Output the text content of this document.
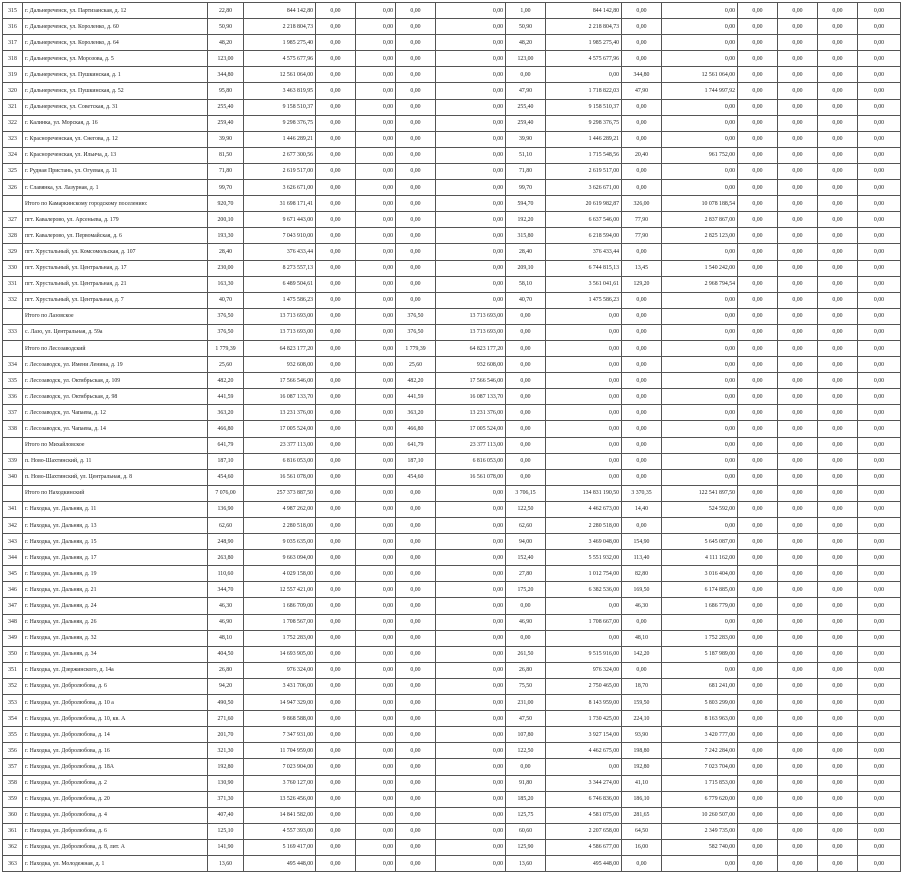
315	г. Дальнереченск, ул. Партизанская, д. 12	22,80	844 142,80	0,00	0,00	0,00	0,00	1,00	844 142,80	0,00	0,00	0,00	0,00	0,00	0,00
316	г. Дальнереченск, ул. Короленко, д. 60	50,90	2 218 804,73	0,00	0,00	0,00	0,00	50,90	2 218 804,73	0,00	0,00	0,00	0,00	0,00	0,00
317	г. Дальнереченск, ул. Короленко, д. 64	48,20	1 985 275,40	0,00	0,00	0,00	0,00	48,20	1 985 275,40	0,00	0,00	0,00	0,00	0,00	0,00
318	г. Дальнереченск, ул. Морозова, д. 5	123,00	4 575 677,96	0,00	0,00	0,00	0,00	123,00	4 575 677,96	0,00	0,00	0,00	0,00	0,00	0,00
319	г. Дальнереченск, ул. Пушкинская, д. 1	344,80	12 561 064,00	0,00	0,00	0,00	0,00	0,00	0,00	344,80	12 561 064,00	0,00	0,00	0,00	0,00
320	г. Дальнереченск, ул. Пушкинская, д. 52	95,80	3 463 819,95	0,00	0,00	0,00	0,00	47,90	1 718 822,03	47,90	1 744 997,92	0,00	0,00	0,00	0,00
321	г. Дальнереченск, ул. Советская, д. 31	255,40	9 158 510,37	0,00	0,00	0,00	0,00	255,40	9 158 510,37	0,00	0,00	0,00	0,00	0,00	0,00
322	г. Калинка, ул. Морская, д. 16	259,40	9 298 376,75	0,00	0,00	0,00	0,00	259,40	9 298 376,75	0,00	0,00	0,00	0,00	0,00	0,00
323	г. Краснореченская, ул. Снегова, д. 12	39,90	1 446 289,21	0,00	0,00	0,00	0,00	39,90	1 446 289,21	0,00	0,00	0,00	0,00	0,00	0,00
324	г. Краснореченская, ул. Ильича, д. 13	81,50	2 677 300,56	0,00	0,00	0,00	0,00	51,10	1 715 548,56	20,40	961 752,00	0,00	0,00	0,00	0,00
325	г. Рудная Пристань, ул. Огуевая, д. 11	71,80	2 619 517,00	0,00	0,00	0,00	0,00	71,80	2 619 517,00	0,00	0,00	0,00	0,00	0,00	0,00
326	г. Славянка, ул. Лазурная, д. 1	99,70	3 626 671,00	0,00	0,00	0,00	0,00	99,70	3 626 671,00	0,00	0,00	0,00	0,00	0,00	0,00
	Итого по Камаркинскому городскому поселению:	920,70	31 698 171,41	0,00	0,00	0,00	0,00	594,70	20 619 982,87	326,00	10 078 188,54	0,00	0,00	0,00	0,00
327	пгт. Кавалерово, ул. Арсеньева, д. 179	200,10	9 671 443,00	0,00	0,00	0,00	0,00	192,20	6 637 546,00	77,90	2 837 867,00	0,00	0,00	0,00	0,00
328	пгт. Кавалерово, ул. Первомайская, д. 6	193,30	7 043 910,00	0,00	0,00	0,00	0,00	315,80	6 218 594,00	77,90	2 825 123,00	0,00	0,00	0,00	0,00
329	пгт. Хрустальный, ул. Комсомольская, д. 107	28,40	376 433,44	0,00	0,00	0,00	0,00	28,40	376 433,44	0,00	0,00	0,00	0,00	0,00	0,00
330	пгт. Хрустальный, ул. Центральная, д. 17	230,00	8 273 557,13	0,00	0,00	0,00	0,00	209,10	6 744 815,13	13,45	1 540 242,00	0,00	0,00	0,00	0,00
331	пгт. Хрустальный, ул. Центральная, д. 21	163,30	6 489 504,61	0,00	0,00	0,00	0,00	58,10	3 561 041,61	129,20	2 968 794,54	0,00	0,00	0,00	0,00
332	пгт. Хрустальный, ул. Центральная, д. 7	40,70	1 475 586,23	0,00	0,00	0,00	0,00	40,70	1 475 586,23	0,00	0,00	0,00	0,00	0,00	0,00
	Итого по Лазовское	376,50	13 713 693,00	0,00	0,00	376,50	13 713 693,00	0,00	0,00	0,00	0,00	0,00	0,00	0,00	0,00
333	с. Лазо, ул. Центральная, д. 59а	376,50	13 713 693,00	0,00	0,00	376,50	13 713 693,00	0,00	0,00	0,00	0,00	0,00	0,00	0,00	0,00
	Итого по Лесозаводский	1 779,39	64 823 177,20	0,00	0,00	1 779,39	64 823 177,20	0,00	0,00	0,00	0,00	0,00	0,00	0,00	0,00
334	г. Лесозаводск, ул. Имени Ленина, д. 19	25,60	932 608,00	0,00	0,00	25,60	932 608,00	0,00	0,00	0,00	0,00	0,00	0,00	0,00	0,00
335	г. Лесозаводск, ул. Октябрьская, д. 109	482,20	17 566 546,00	0,00	0,00	482,20	17 566 546,00	0,00	0,00	0,00	0,00	0,00	0,00	0,00	0,00
336	г. Лесозаводск, ул. Октябрьская, д. 98	441,59	16 087 133,70	0,00	0,00	441,59	16 087 133,70	0,00	0,00	0,00	0,00	0,00	0,00	0,00	0,00
337	г. Лесозаводск, ул. Чапаева, д. 12	363,20	13 231 376,00	0,00	0,00	363,20	13 231 376,00	0,00	0,00	0,00	0,00	0,00	0,00	0,00	0,00
338	г. Лесозаводск, ул. Чапаева, д. 14	466,80	17 005 524,00	0,00	0,00	466,80	17 005 524,00	0,00	0,00	0,00	0,00	0,00	0,00	0,00	0,00
	Итого по Михайловское	641,79	23 377 113,00	0,00	0,00	641,79	23 377 113,00	0,00	0,00	0,00	0,00	0,00	0,00	0,00	0,00
339	п. Ново-Шахтинский, д. 11	187,10	6 816 053,00	0,00	0,00	187,10	6 816 053,00	0,00	0,00	0,00	0,00	0,00	0,00	0,00	0,00
340	п. Ново-Шахтинский, ул. Центральная, д. 8	454,60	16 561 078,00	0,00	0,00	454,60	16 561 078,00	0,00	0,00	0,00	0,00	0,00	0,00	0,00	0,00
	Итого по Находкинский	7 076,00	257 373 887,50	0,00	0,00	0,00	0,00	3 706,15	134 831 190,50	3 370,35	122 541 897,50	0,00	0,00	0,00	0,00
341	г. Находка, ул. Дальняя, д. 11	136,90	4 987 262,00	0,00	0,00	0,00	0,00	122,50	4 462 673,00	14,40	524 592,00	0,00	0,00	0,00	0,00
342	г. Находка, ул. Дальняя, д. 13	62,60	2 280 518,00	0,00	0,00	0,00	0,00	62,60	2 280 518,00	0,00	0,00	0,00	0,00	0,00	0,00
343	г. Находка, ул. Дальняя, д. 15	248,90	9 035 635,00	0,00	0,00	0,00	0,00	94,00	3 469 048,00	154,90	5 645 087,00	0,00	0,00	0,00	0,00
344	г. Находка, ул. Дальняя, д. 17	263,80	9 663 094,00	0,00	0,00	0,00	0,00	152,40	5 551 932,00	113,40	4 111 162,00	0,00	0,00	0,00	0,00
345	г. Находка, ул. Дальняя, д. 19	110,60	4 029 158,00	0,00	0,00	0,00	0,00	27,80	1 012 754,00	82,80	3 016 404,00	0,00	0,00	0,00	0,00
346	г. Находка, ул. Дальняя, д. 21	344,70	12 557 421,00	0,00	0,00	0,00	0,00	175,20	6 382 536,00	169,50	6 174 885,00	0,00	0,00	0,00	0,00
347	г. Находка, ул. Дальняя, д. 24	46,30	1 686 709,00	0,00	0,00	0,00	0,00	0,00	0,00	46,30	1 686 779,00	0,00	0,00	0,00	0,00
348	г. Находка, ул. Дальняя, д. 26	46,90	1 708 567,00	0,00	0,00	0,00	0,00	46,90	1 708 667,00	0,00	0,00	0,00	0,00	0,00	0,00
349	г. Находка, ул. Дальняя, д. 32	48,10	1 752 283,00	0,00	0,00	0,00	0,00	0,00	0,00	48,10	1 752 283,00	0,00	0,00	0,00	0,00
350	г. Находка, ул. Дальняя, д. 34	404,50	14 693 905,00	0,00	0,00	0,00	0,00	261,50	9 515 916,00	142,20	5 187 989,00	0,00	0,00	0,00	0,00
351	г. Находка, ул. Дзержинского, д. 14а	26,80	976 324,00	0,00	0,00	0,00	0,00	26,80	976 324,00	0,00	0,00	0,00	0,00	0,00	0,00
352	г. Находка, ул. Добролюбова, д. 6	94,20	3 431 706,00	0,00	0,00	0,00	0,00	75,50	2 750 465,00	18,70	681 241,00	0,00	0,00	0,00	0,00
353	г. Находка, ул. Добролюбова, д. 10 а	490,50	14 947 329,00	0,00	0,00	0,00	0,00	231,00	8 143 959,00	159,50	5 803 299,00	0,00	0,00	0,00	0,00
354	г. Находка, ул. Добролюбова, д. 10, кв. А	271,60	9 868 588,00	0,00	0,00	0,00	0,00	47,50	1 730 425,00	224,10	8 163 963,00	0,00	0,00	0,00	0,00
355	г. Находка, ул. Добролюбова, д. 14	201,70	7 347 931,00	0,00	0,00	0,00	0,00	107,80	3 927 154,00	93,90	3 420 777,00	0,00	0,00	0,00	0,00
356	г. Находка, ул. Добролюбова, д. 16	321,30	11 704 959,00	0,00	0,00	0,00	0,00	122,50	4 462 675,00	198,80	7 242 284,00	0,00	0,00	0,00	0,00
357	г. Находка, ул. Добролюбова, д. 18А	192,80	7 023 904,00	0,00	0,00	0,00	0,00	0,00	0,00	192,80	7 023 704,00	0,00	0,00	0,00	0,00
358	г. Находка, ул. Добролюбова, д. 2	130,90	3 760 127,00	0,00	0,00	0,00	0,00	91,80	3 344 274,00	41,10	1 715 853,00	0,00	0,00	0,00	0,00
359	г. Находка, ул. Добролюбова, д. 20	371,30	13 526 456,00	0,00	0,00	0,00	0,00	185,20	6 746 836,00	186,10	6 779 620,00	0,00	0,00	0,00	0,00
360	г. Находка, ул. Добролюбова, д. 4	407,40	14 841 582,00	0,00	0,00	0,00	0,00	125,75	4 581 075,00	281,65	10 260 507,00	0,00	0,00	0,00	0,00
361	г. Находка, ул. Добролюбова, д. 6	125,10	4 557 393,00	0,00	0,00	0,00	0,00	60,60	2 207 658,00	64,50	2 349 735,00	0,00	0,00	0,00	0,00
362	г. Находка, ул. Добролюбова, д. 8, лит. А	141,90	5 169 417,00	0,00	0,00	0,00	0,00	125,90	4 586 677,00	16,00	582 740,00	0,00	0,00	0,00	0,00
363	г. Находка, ул. Молодежная, д. 1	13,60	495 448,00	0,00	0,00	0,00	0,00	13,60	495 448,00	0,00	0,00	0,00	0,00	0,00	0,00
